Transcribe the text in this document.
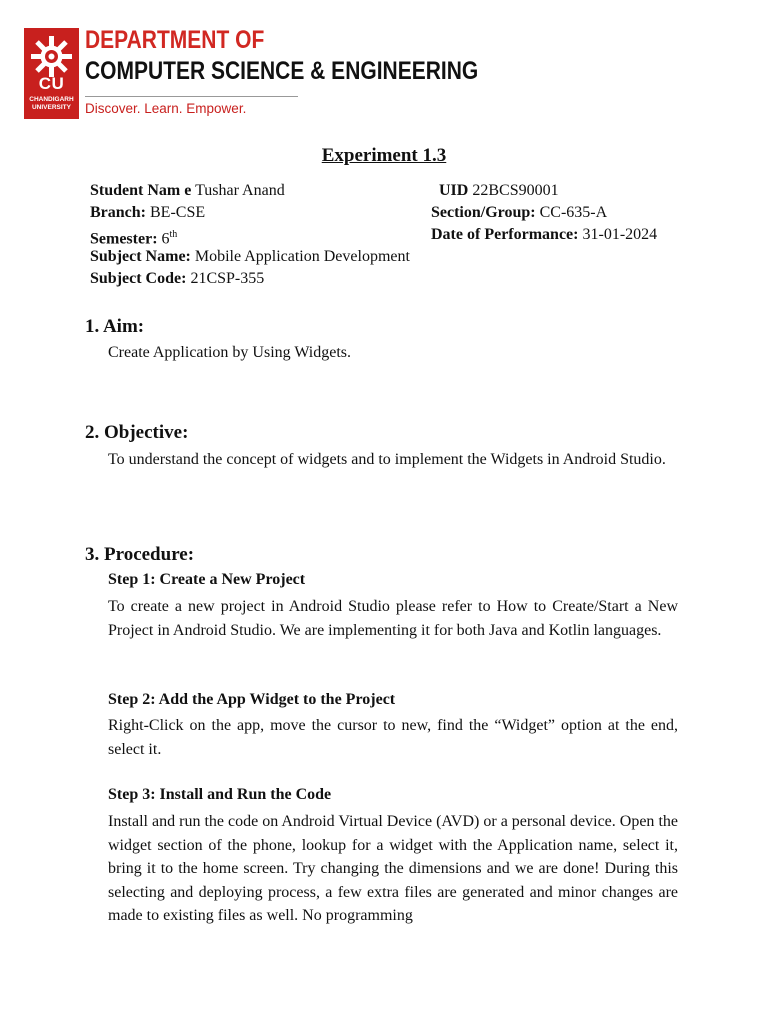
CU
CHANDIGARH
UNIVERSITY
DEPARTMENT OF
COMPUTER SCIENCE & ENGINEERING
Discover. Learn. Empower.
Experiment 1.3
Student Nam e Tushar Anand	UID 22BCS90001
Branch: BE-CSE	Section/Group: CC-635-A
Semester: 6th	Date of Performance: 31-01-2024
Subject Name: Mobile Application Development
Subject Code: 21CSP-355
1. Aim:
Create Application by Using Widgets.
2. Objective:
To understand the concept of widgets and to implement the Widgets in Android Studio.
3. Procedure:
Step 1: Create a New Project
To create a new project in Android Studio please refer to How to Create/Start a New Project in Android Studio. We are implementing it for both Java and Kotlin languages.
Step 2: Add the App Widget to the Project
Right-Click on the app, move the cursor to new, find the “Widget” option at the end, select it.
Step 3: Install and Run the Code
Install and run the code on Android Virtual Device (AVD) or a personal device. Open the widget section of the phone, lookup for a widget with the Application name, select it, bring it to the home screen. Try changing the dimensions and we are done! During this selecting and deploying process, a few extra files are generated and minor changes are made to existing files as well. No programming
